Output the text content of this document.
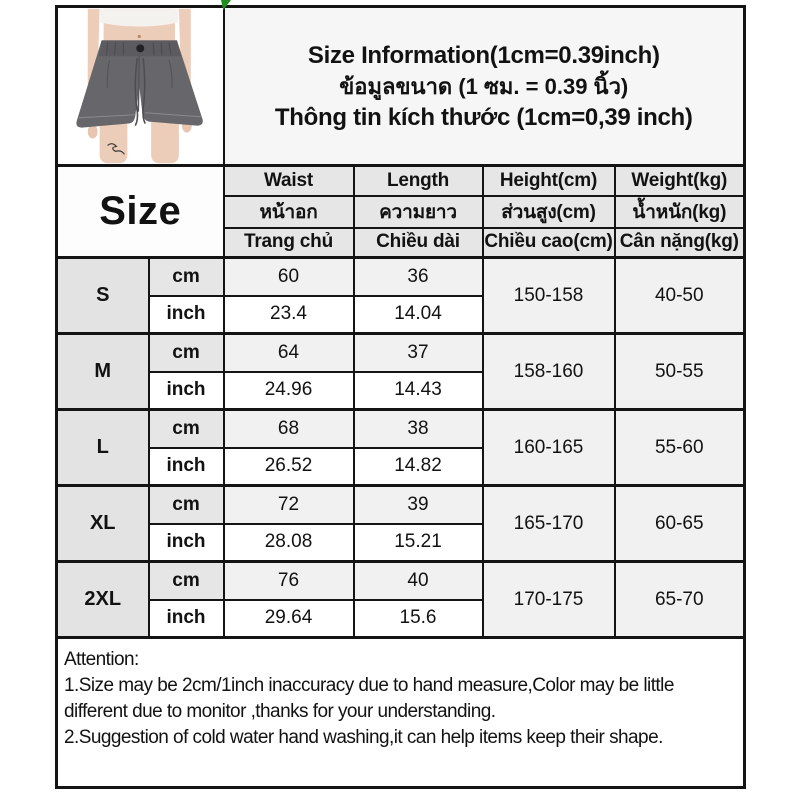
Size Information(1cm=0.39inch)
ข้อมูลขนาด (1 ซม. = 0.39 นิ้ว)
Thông tin kích thước (1cm=0,39 inch)			

Size		Waist	Length	Height(cm)	Weight(kg)
		หน้าอก	ความยาว	ส่วนสูง(cm)	น้ำหนัก(kg)
		Trang chủ	Chiều dài	Chiều cao(cm)	Cân nặng(kg)
S	cm	60	36	150-158	40-50
	inch	23.4	14.04		
M	cm	64	37	158-160	50-55
	inch	24.96	14.43		
L	cm	68	38	160-165	55-60
	inch	26.52	14.82		
XL	cm	72	39	165-170	60-65
	inch	28.08	15.21		
2XL	cm	76	40	170-175	65-70
	inch	29.64	15.6		

Attention:
1.Size may be 2cm/1inch inaccuracy due to hand measure,Color may be little different due to monitor ,thanks for your understanding.
2.Suggestion of cold water hand washing,it can help items keep their shape.					
